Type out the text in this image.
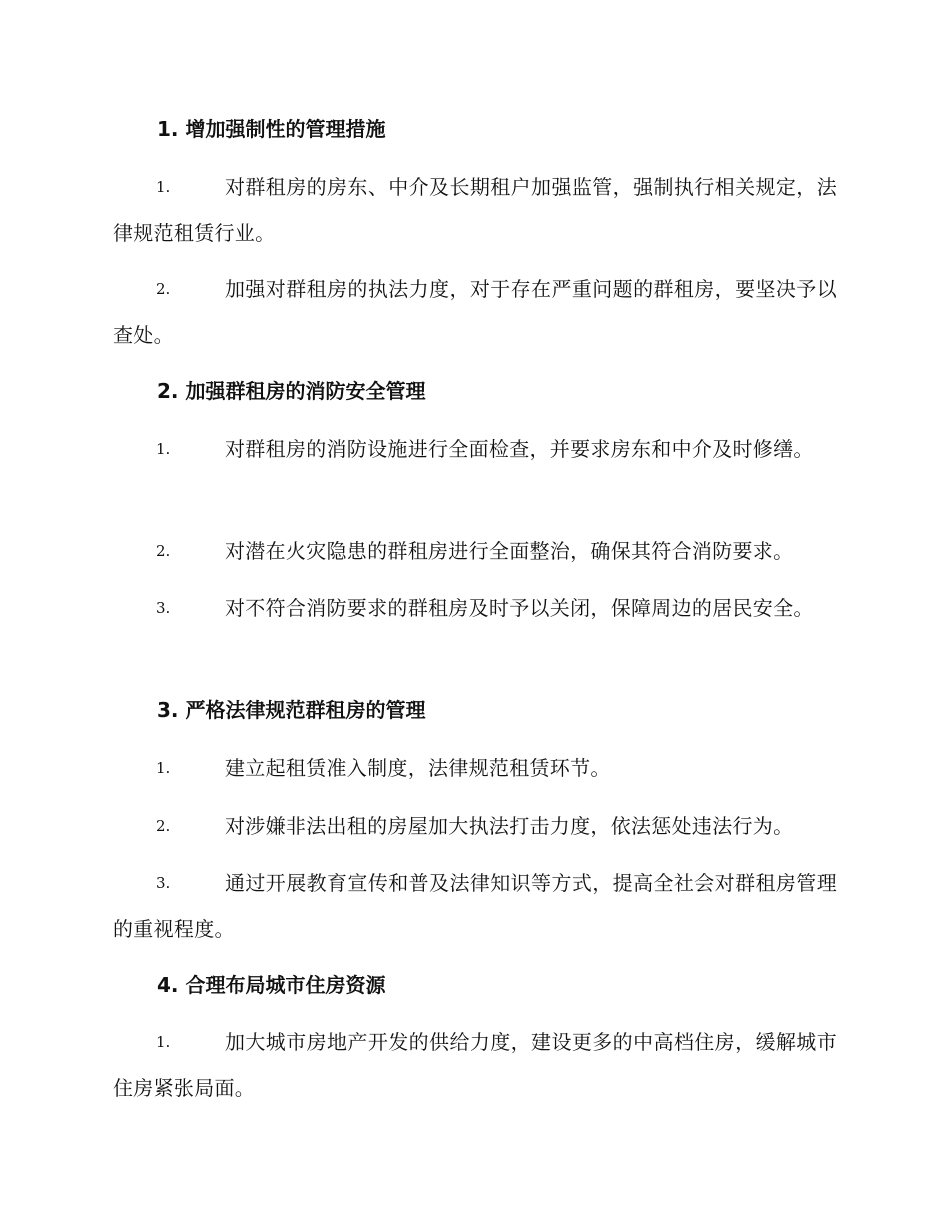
1. 增加强制性的管理措施
1.	对群租房的房东、中介及长期租户加强监管，强制执行相关规定，法律规范租赁行业。

2.	加强对群租房的执法力度，对于存在严重问题的群租房，要坚决予以查处。

2. 加强群租房的消防安全管理
1.	对群租房的消防设施进行全面检查，并要求房东和中介及时修缮。

2.	对潜在火灾隐患的群租房进行全面整治，确保其符合消防要求。

3.	对不符合消防要求的群租房及时予以关闭，保障周边的居民安全。

3. 严格法律规范群租房的管理
1.	建立起租赁准入制度，法律规范租赁环节。

2.	对涉嫌非法出租的房屋加大执法打击力度，依法惩处违法行为。

3.	通过开展教育宣传和普及法律知识等方式，提高全社会对群租房管理的重视程度。

4. 合理布局城市住房资源
1.	加大城市房地产开发的供给力度，建设更多的中高档住房，缓解城市住房紧张局面。
